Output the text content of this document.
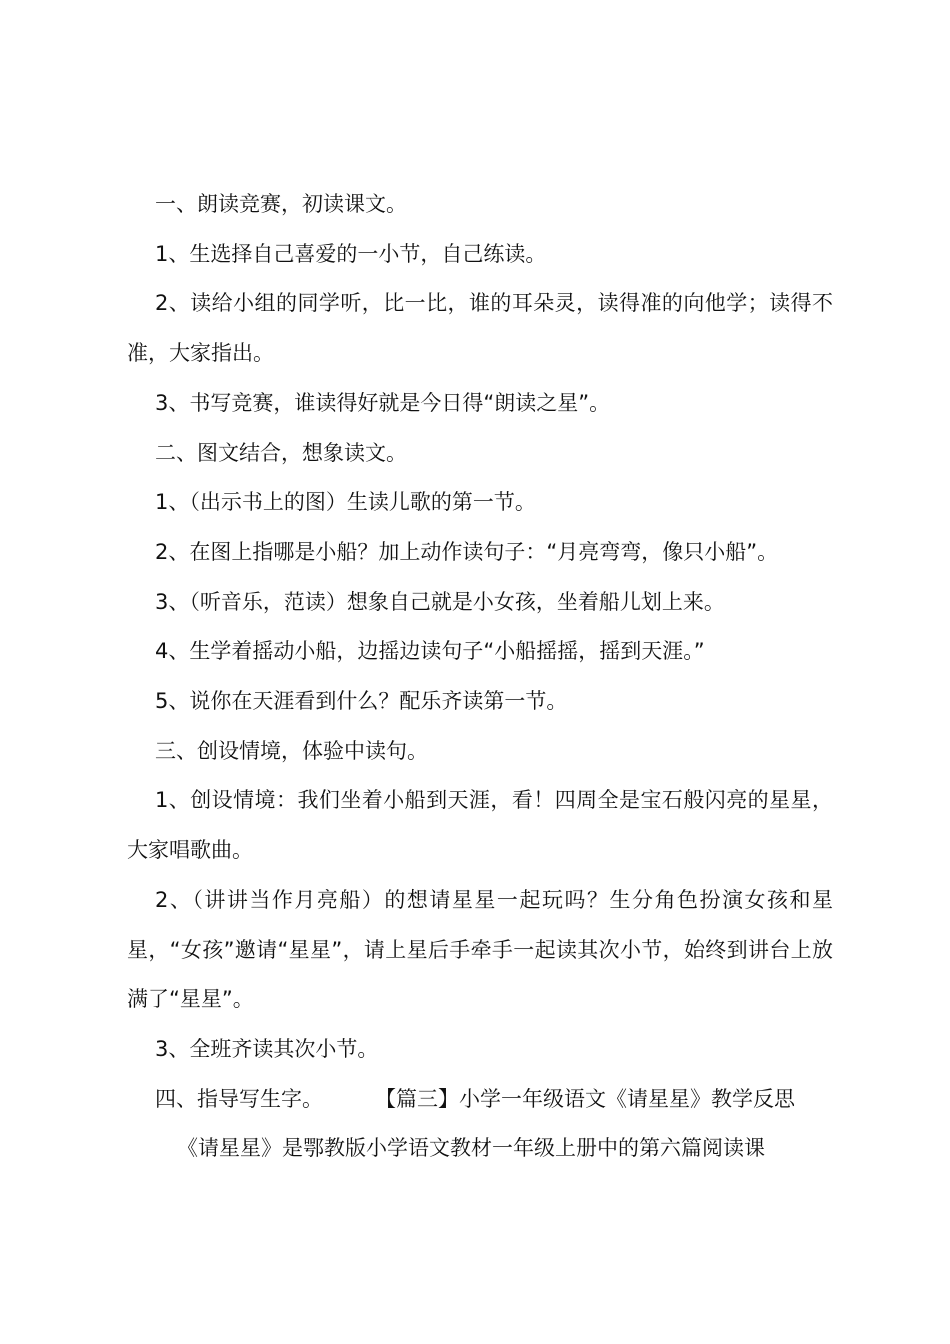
一、朗读竞赛，初读课文。

1、生选择自己喜爱的一小节，自己练读。

2、读给小组的同学听，比一比，谁的耳朵灵，读得准的向他学；读得不准，大家指出。

3、书写竞赛，谁读得好就是今日得“朗读之星”。

二、图文结合，想象读文。

1、（出示书上的图）生读儿歌的第一节。

2、在图上指哪是小船？加上动作读句子：“月亮弯弯，像只小船”。

3、（听音乐，范读）想象自己就是小女孩，坐着船儿划上来。

4、生学着摇动小船，边摇边读句子“小船摇摇，摇到天涯。”

5、说你在天涯看到什么？配乐齐读第一节。

三、创设情境，体验中读句。

1、创设情境：我们坐着小船到天涯，看！四周全是宝石般闪亮的星星，大家唱歌曲。

2、（讲讲当作月亮船）的想请星星一起玩吗？生分角色扮演女孩和星星，“女孩”邀请“星星”，请上星后手牵手一起读其次小节，始终到讲台上放满了“星星”。

3、全班齐读其次小节。

四、指导写生字。	【篇三】小学一年级语文《请星星》教学反思

《请星星》是鄂教版小学语文教材一年级上册中的第六篇阅读课
